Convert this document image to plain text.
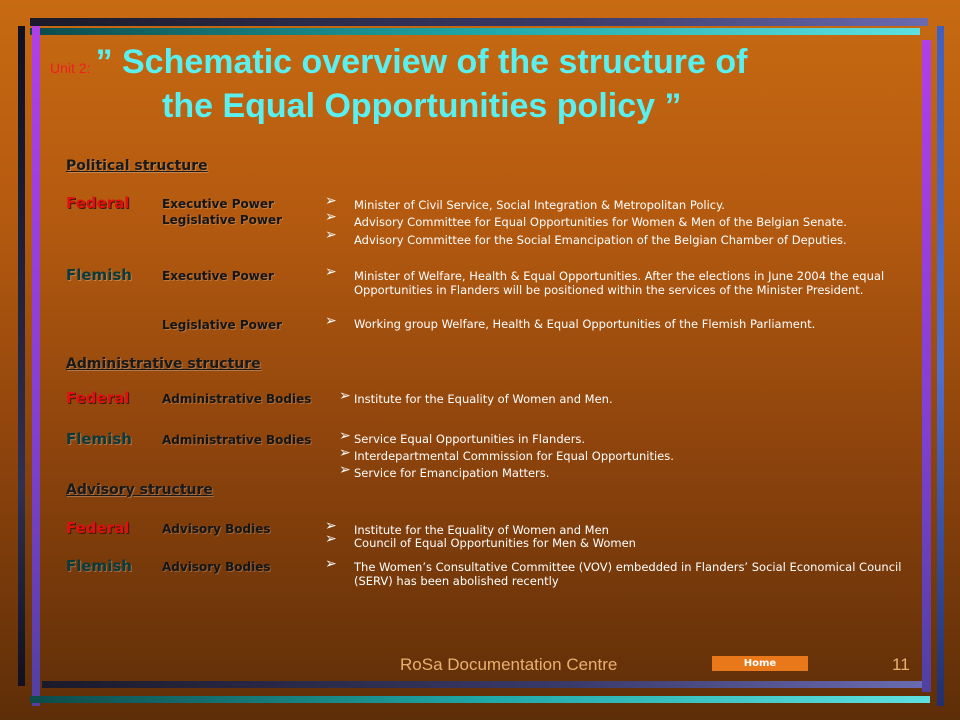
Unit 2: ” Schematic overview of the structure of
the Equal Opportunities policy ”
Political structure
Federal	Executive Power	➢ Minister of Civil Service, Social Integration & Metropolitan Policy.
Legislative Power	➢ Advisory Committee for Equal Opportunities for Women & Men of the Belgian Senate.
➢ Advisory Committee for the Social Emancipation of the Belgian Chamber of Deputies.
Flemish	Executive Power	➢ Minister of Welfare, Health & Equal Opportunities. After the elections in June 2004 the equal Opportunities in Flanders will be positioned within the services of the Minister President.
Legislative Power	➢ Working group Welfare, Health & Equal Opportunities of the Flemish Parliament.
Administrative structure
Federal	Administrative Bodies ➢ Institute for the Equality of Women and Men.
Flemish	Administrative Bodies ➢ Service Equal Opportunities in Flanders.
➢ Interdepartmental Commission for Equal Opportunities.
➢ Service for Emancipation Matters.
Advisory structure
Federal	Advisory Bodies	➢ Institute for the Equality of Women and Men
➢ Council of Equal Opportunities for Men & Women
Flemish	Advisory Bodies	➢ The Women’s Consultative Committee (VOV) embedded in Flanders’ Social Economical Council (SERV) has been abolished recently
RoSa Documentation Centre	Home	11
